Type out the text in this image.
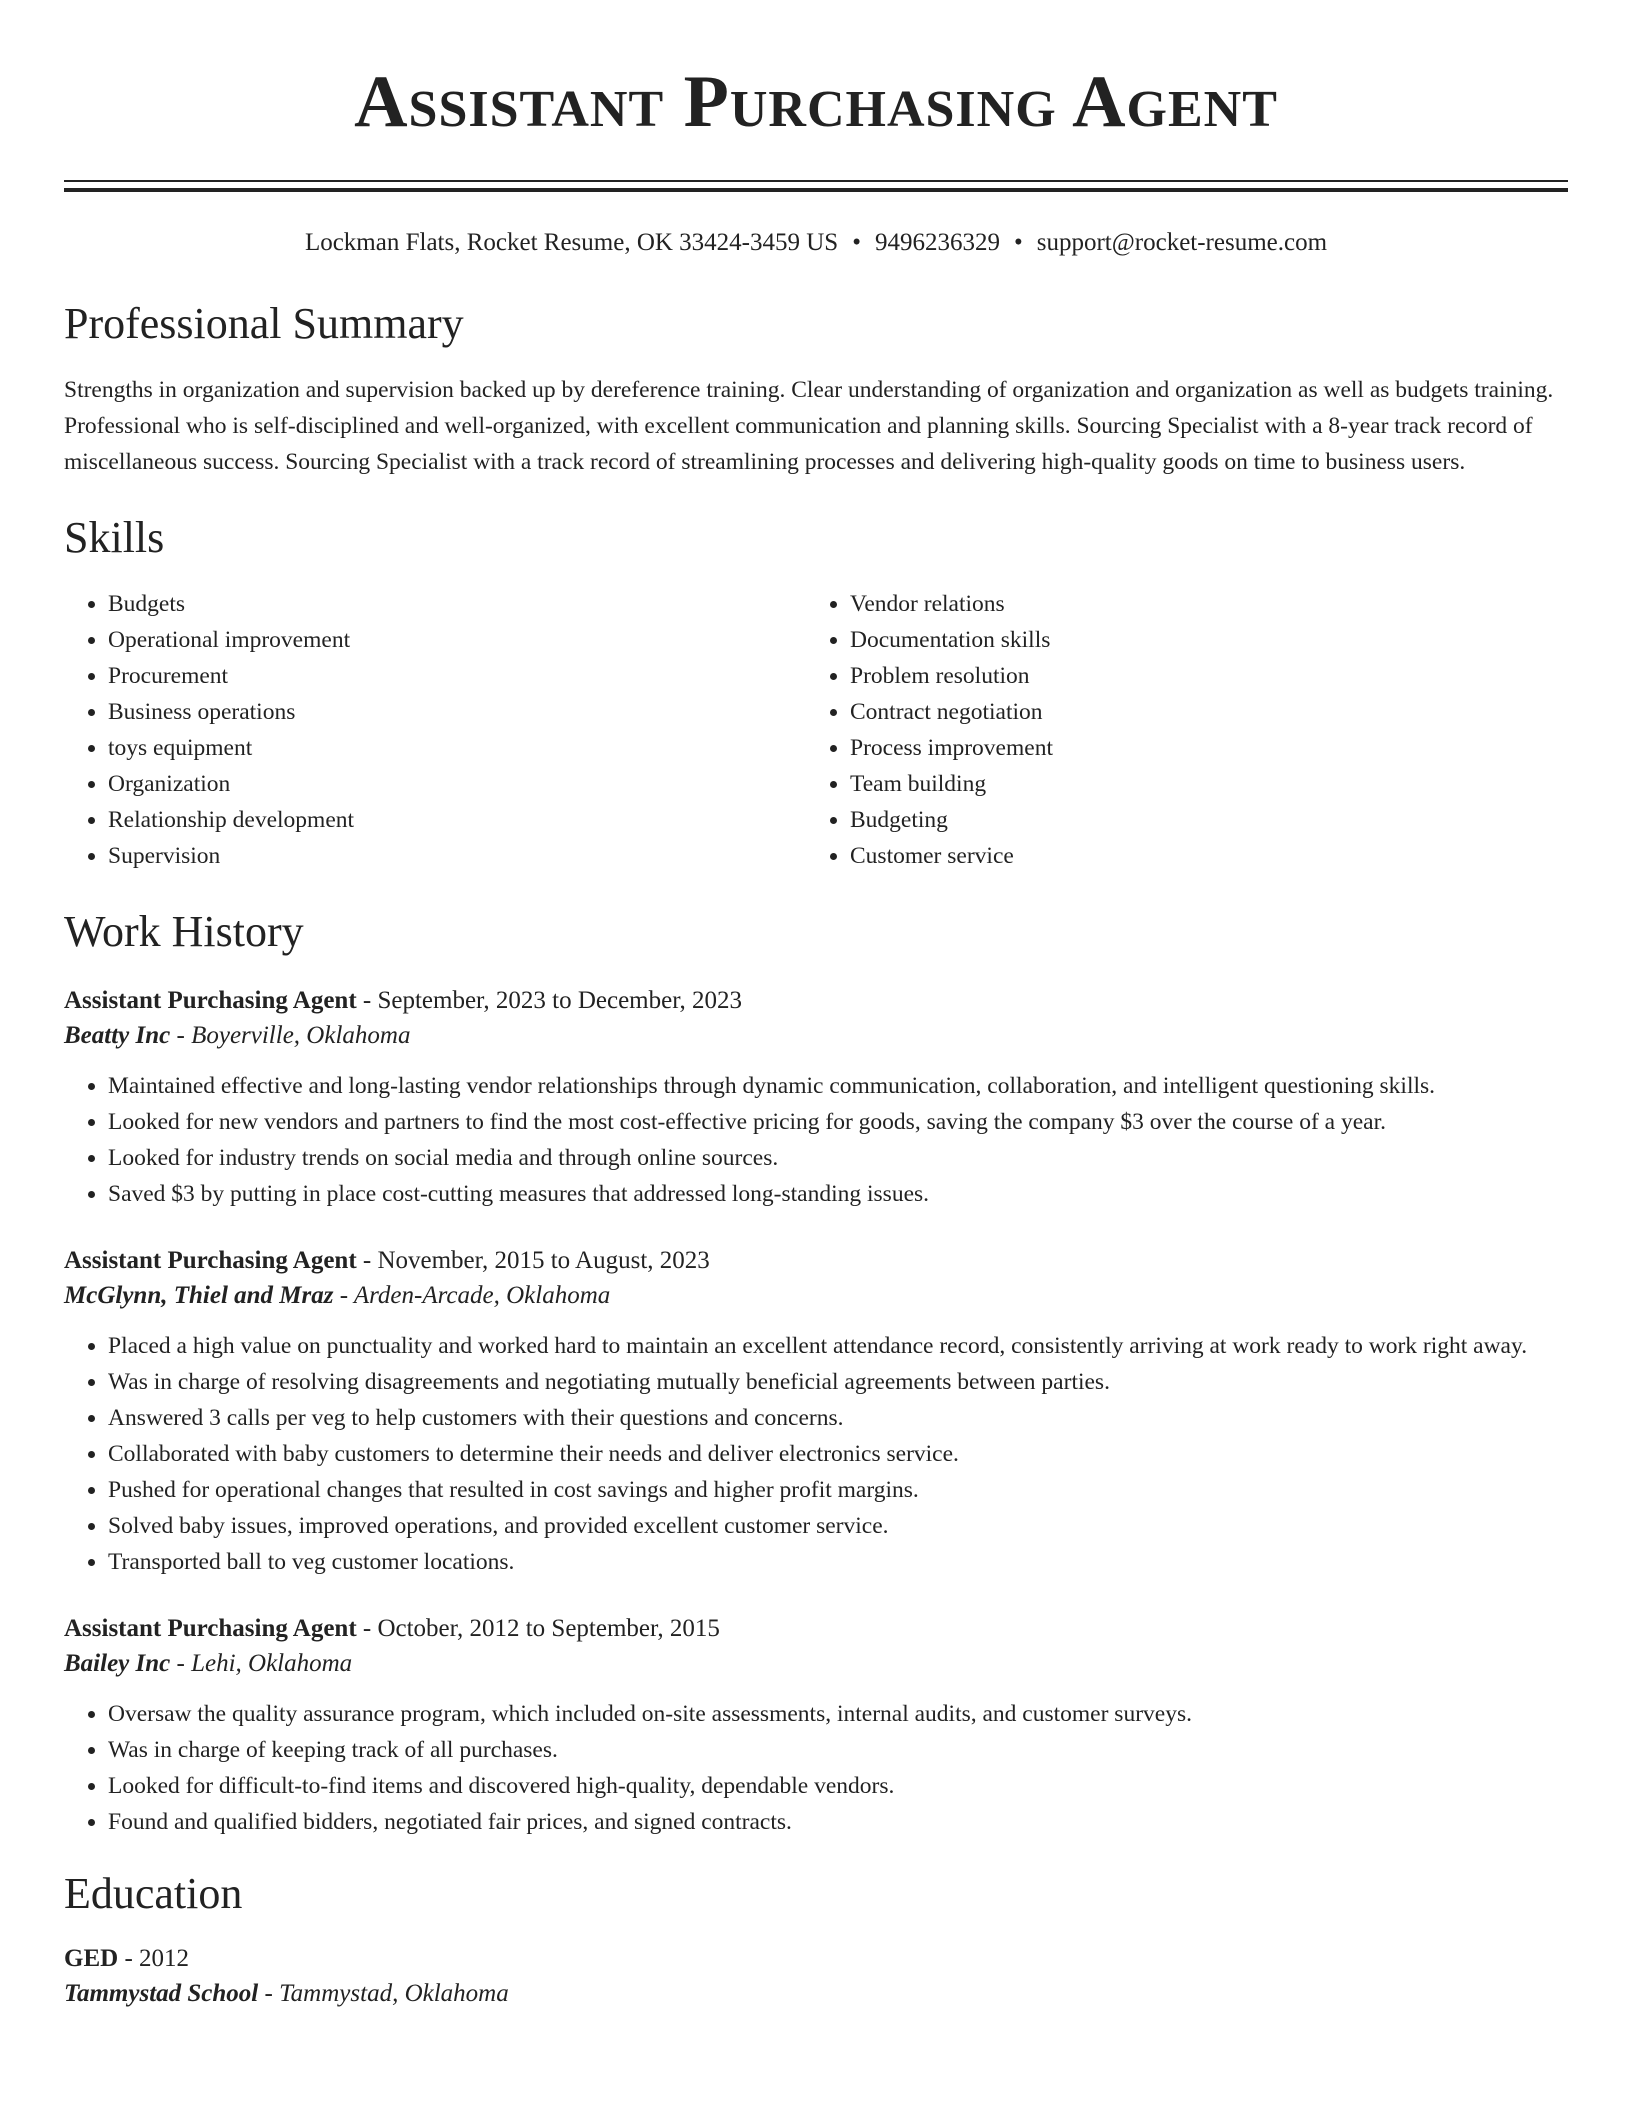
Assistant Purchasing Agent
Lockman Flats, Rocket Resume, OK 33424-3459 US • 9496236329 • support@rocket-resume.com
Professional Summary

Strengths in organization and supervision backed up by dereference training. Clear understanding of organization and organization as well as budgets training. Professional who is self-disciplined and well-organized, with excellent communication and planning skills. Sourcing Specialist with a 8-year track record of miscellaneous success. Sourcing Specialist with a track record of streamlining processes and delivering high-quality goods on time to business users.

Skills
• Budgets
• Operational improvement
• Procurement
• Business operations
• toys equipment
• Organization
• Relationship development
• Supervision
• Vendor relations
• Documentation skills
• Problem resolution
• Contract negotiation
• Process improvement
• Team building
• Budgeting
• Customer service
Work History
Assistant Purchasing Agent - September, 2023 to December, 2023
Beatty Inc - Boyerville, Oklahoma
• Maintained effective and long-lasting vendor relationships through dynamic communication, collaboration, and intelligent questioning skills.
• Looked for new vendors and partners to find the most cost-effective pricing for goods, saving the company $3 over the course of a year.
• Looked for industry trends on social media and through online sources.
• Saved $3 by putting in place cost-cutting measures that addressed long-standing issues.
Assistant Purchasing Agent - November, 2015 to August, 2023
McGlynn, Thiel and Mraz - Arden-Arcade, Oklahoma
• Placed a high value on punctuality and worked hard to maintain an excellent attendance record, consistently arriving at work ready to work right away.
• Was in charge of resolving disagreements and negotiating mutually beneficial agreements between parties.
• Answered 3 calls per veg to help customers with their questions and concerns.
• Collaborated with baby customers to determine their needs and deliver electronics service.
• Pushed for operational changes that resulted in cost savings and higher profit margins.
• Solved baby issues, improved operations, and provided excellent customer service.
• Transported ball to veg customer locations.
Assistant Purchasing Agent - October, 2012 to September, 2015
Bailey Inc - Lehi, Oklahoma
• Oversaw the quality assurance program, which included on-site assessments, internal audits, and customer surveys.
• Was in charge of keeping track of all purchases.
• Looked for difficult-to-find items and discovered high-quality, dependable vendors.
• Found and qualified bidders, negotiated fair prices, and signed contracts.
Education
GED - 2012
Tammystad School - Tammystad, Oklahoma
